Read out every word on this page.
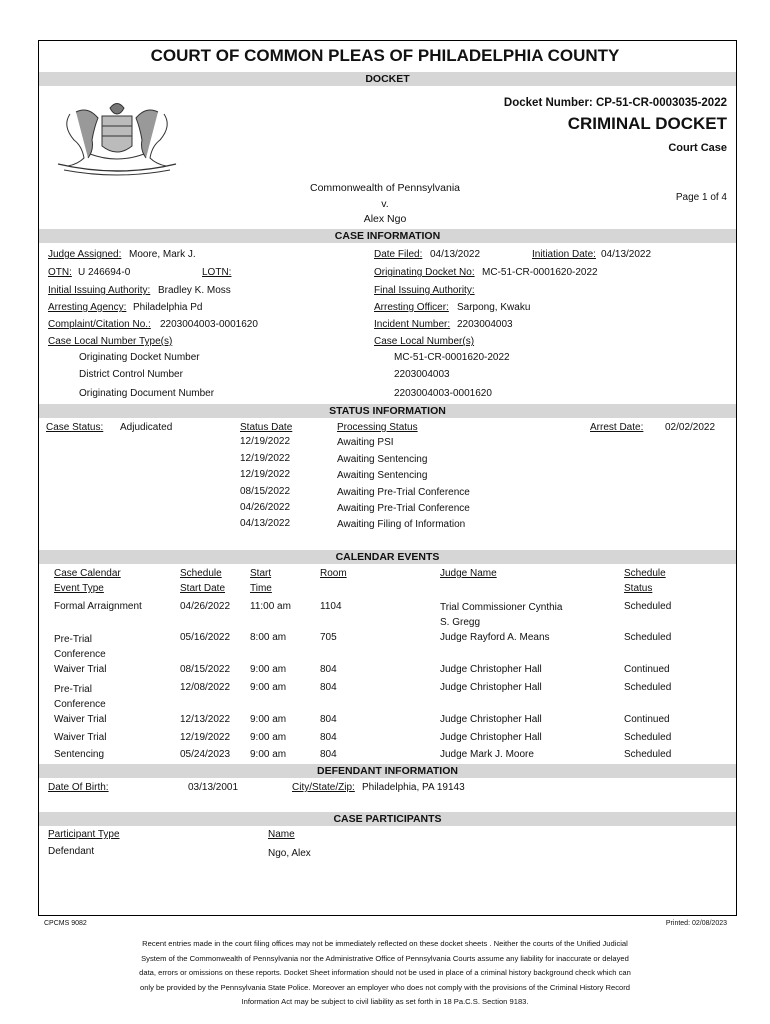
COURT OF COMMON PLEAS OF PHILADELPHIA COUNTY
DOCKET
Docket Number: CP-51-CR-0003035-2022
CRIMINAL DOCKET
Court Case
Commonwealth of Pennsylvania
v.
Alex Ngo
Page 1 of 4
CASE INFORMATION
Judge Assigned: Moore, Mark J.	Date Filed: 04/13/2022	Initiation Date: 04/13/2022
OTN: U 246694-0	LOTN:	Originating Docket No: MC-51-CR-0001620-2022
Initial Issuing Authority: Bradley K. Moss	Final Issuing Authority:
Arresting Agency: Philadelphia Pd	Arresting Officer: Sarpong, Kwaku
Complaint/Citation No.: 2203004003-0001620	Incident Number: 2203004003
Case Local Number Type(s)	Case Local Number(s)
Originating Docket Number	MC-51-CR-0001620-2022
District Control Number	2203004003
Originating Document Number	2203004003-0001620
STATUS INFORMATION
Case Status: Adjudicated	Status Date	Processing Status	Arrest Date: 02/02/2022
12/19/2022	Awaiting PSI
12/19/2022	Awaiting Sentencing
12/19/2022	Awaiting Sentencing
08/15/2022	Awaiting Pre-Trial Conference
04/26/2022	Awaiting Pre-Trial Conference
04/13/2022	Awaiting Filing of Information
CALENDAR EVENTS
Case Calendar
Event Type
Schedule
Start Date
Start
Time
Room	Judge Name	Schedule
Status
Formal Arraignment	04/26/2022 11:00 am	1104	Trial Commissioner Cynthia
S. Gregg
Scheduled
Pre-Trial
Conference
05/16/2022 8:00 am	705	Judge Rayford A. Means	Scheduled
Waiver Trial	08/15/2022 9:00 am	804	Judge Christopher Hall	Continued
Pre-Trial
Conference
12/08/2022 9:00 am	804	Judge Christopher Hall	Scheduled
Waiver Trial	12/13/2022 9:00 am	804	Judge Christopher Hall	Continued
Waiver Trial	12/19/2022 9:00 am	804	Judge Christopher Hall	Scheduled
Sentencing	05/24/2023 9:00 am	804	Judge Mark J. Moore	Scheduled
DEFENDANT INFORMATION
Date Of Birth:	03/13/2001	City/State/Zip: Philadelphia, PA 19143
CASE PARTICIPANTS
Participant Type	Name
Defendant	Ngo, Alex
CPCMS 9082	Printed: 02/08/2023
Recent entries made in the court filing offices may not be immediately reflected on these docket sheets . Neither the courts of the Unified Judicial
System of the Commonwealth of Pennsylvania nor the Administrative Office of Pennsylvania Courts assume any liability for inaccurate or delayed
data, errors or omissions on these reports. Docket Sheet information should not be used in place of a criminal history background check which can
only be provided by the Pennsylvania State Police. Moreover an employer who does not comply with the provisions of the Criminal History Record
Information Act may be subject to civil liability as set forth in 18 Pa.C.S. Section 9183.
